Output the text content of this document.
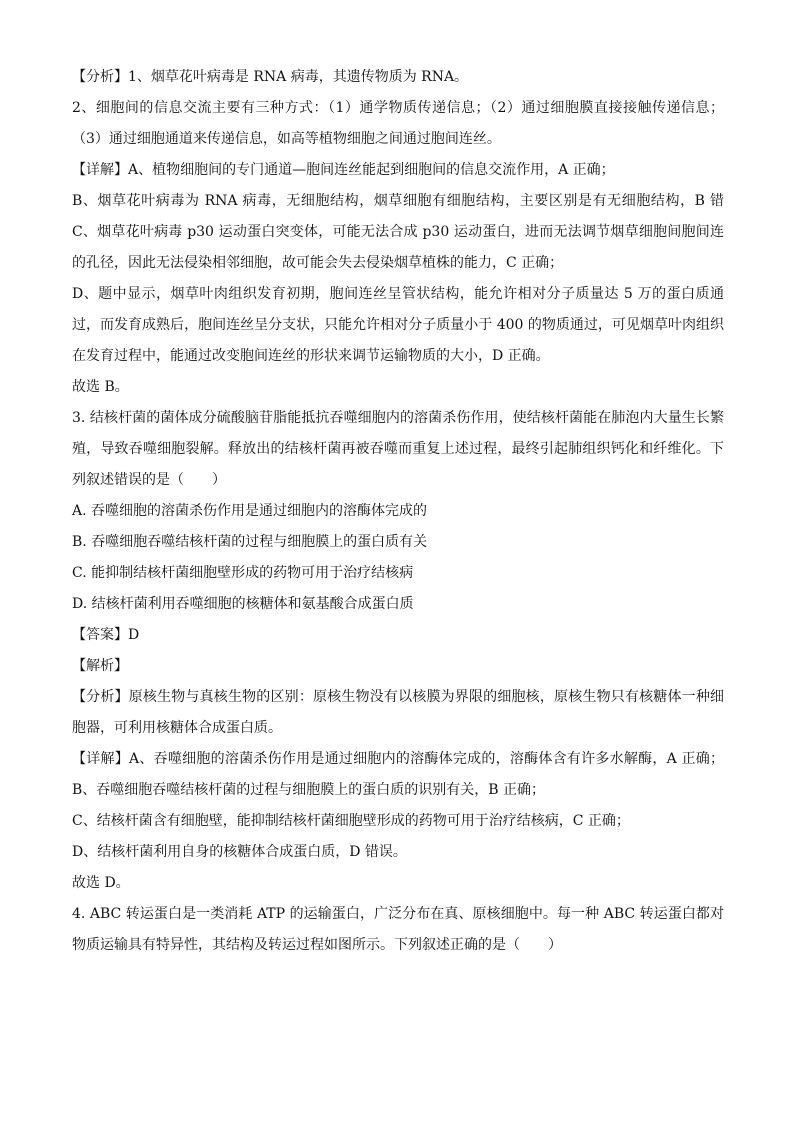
【分析】1、烟草花叶病毒是 RNA 病毒，其遗传物质为 RNA。
2、细胞间的信息交流主要有三种方式：（1）通学物质传递信息；（2）通过细胞膜直接接触传递信息；
（3）通过细胞通道来传递信息，如高等植物细胞之间通过胞间连丝。
【详解】A、植物细胞间的专门通道—胞间连丝能起到细胞间的信息交流作用，A 正确；
B、烟草花叶病毒为 RNA 病毒，无细胞结构，烟草细胞有细胞结构，主要区别是有无细胞结构，B 错
C、烟草花叶病毒 p30 运动蛋白突变体，可能无法合成 p30 运动蛋白，进而无法调节烟草细胞间胞间连
的孔径，因此无法侵染相邻细胞，故可能会失去侵染烟草植株的能力，C 正确；
D、题中显示，烟草叶肉组织发育初期，胞间连丝呈管状结构，能允许相对分子质量达 5 万的蛋白质通
过，而发育成熟后，胞间连丝呈分支状，只能允许相对分子质量小于 400 的物质通过，可见烟草叶肉组织
在发育过程中，能通过改变胞间连丝的形状来调节运输物质的大小，D 正确。
故选 B。
3. 结核杆菌的菌体成分硫酸脑苷脂能抵抗吞噬细胞内的溶菌杀伤作用，使结核杆菌能在肺泡内大量生长繁
殖，导致吞噬细胞裂解。释放出的结核杆菌再被吞噬而重复上述过程，最终引起肺组织钙化和纤维化。下
列叙述错误的是（　　）
A. 吞噬细胞的溶菌杀伤作用是通过细胞内的溶酶体完成的
B. 吞噬细胞吞噬结核杆菌的过程与细胞膜上的蛋白质有关
C. 能抑制结核杆菌细胞壁形成的药物可用于治疗结核病
D. 结核杆菌利用吞噬细胞的核糖体和氨基酸合成蛋白质
【答案】D
【解析】
【分析】原核生物与真核生物的区别：原核生物没有以核膜为界限的细胞核，原核生物只有核糖体一种细
胞器，可利用核糖体合成蛋白质。
【详解】A、吞噬细胞的溶菌杀伤作用是通过细胞内的溶酶体完成的，溶酶体含有许多水解酶，A 正确；
B、吞噬细胞吞噬结核杆菌的过程与细胞膜上的蛋白质的识别有关，B 正确；
C、结核杆菌含有细胞壁，能抑制结核杆菌细胞壁形成的药物可用于治疗结核病，C 正确；
D、结核杆菌利用自身的核糖体合成蛋白质，D 错误。
故选 D。
4. ABC 转运蛋白是一类消耗 ATP 的运输蛋白，广泛分布在真、原核细胞中。每一种 ABC 转运蛋白都对
物质运输具有特异性，其结构及转运过程如图所示。下列叙述正确的是（　　）
